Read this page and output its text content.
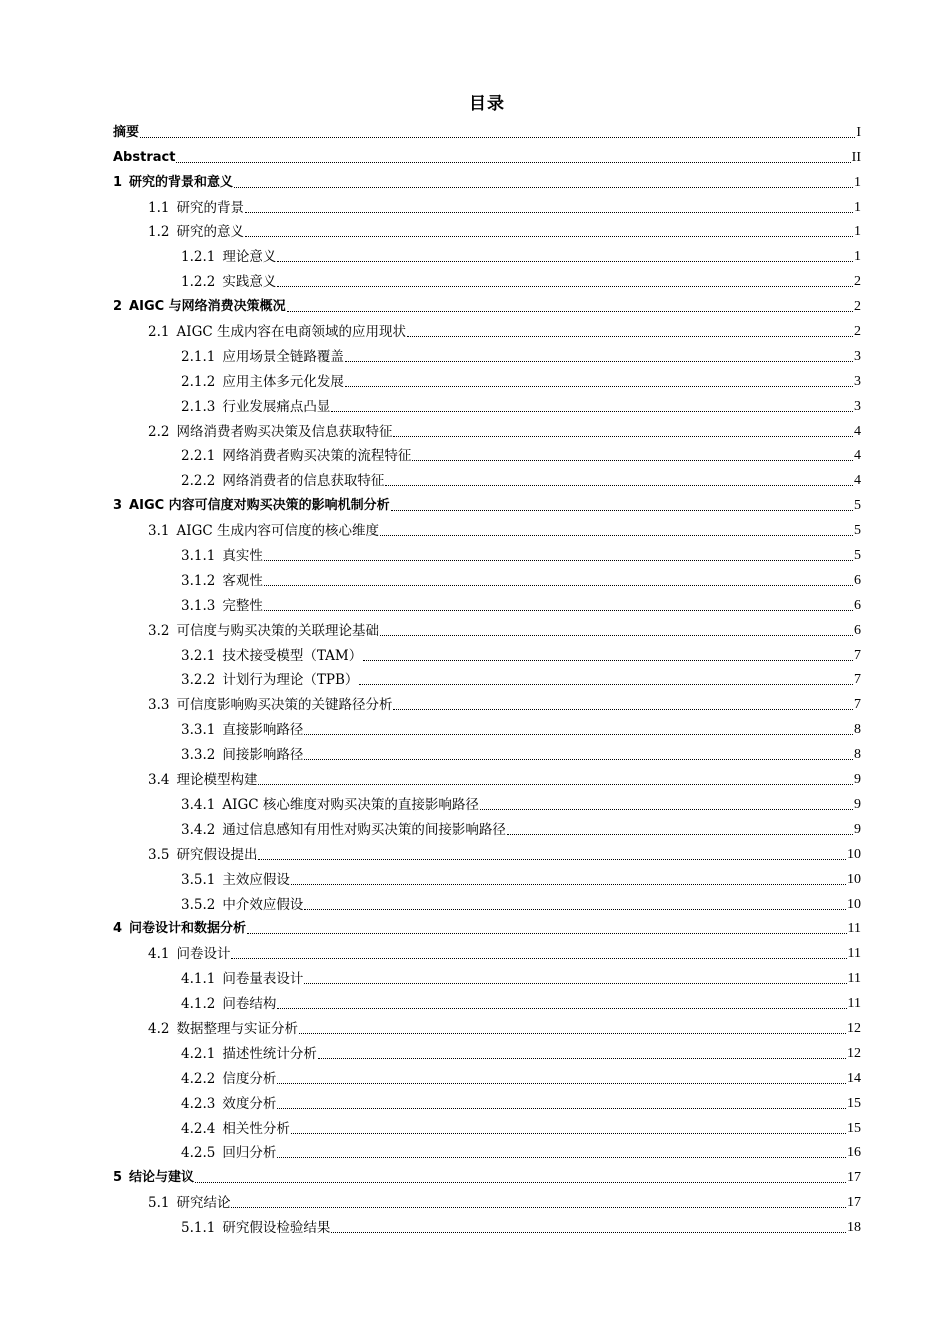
目录
摘要	I
Abstract	II
1 研究的背景和意义	1
1.1 研究的背景	1
1.2 研究的意义	1
1.2.1 理论意义	1
1.2.2 实践意义	2
2 AIGC 与网络消费决策概况	2
2.1 AIGC 生成内容在电商领域的应用现状	2
2.1.1 应用场景全链路覆盖	3
2.1.2 应用主体多元化发展	3
2.1.3 行业发展痛点凸显	3
2.2 网络消费者购买决策及信息获取特征	4
2.2.1 网络消费者购买决策的流程特征	4
2.2.2 网络消费者的信息获取特征	4
3 AIGC 内容可信度对购买决策的影响机制分析	5
3.1 AIGC 生成内容可信度的核心维度	5
3.1.1 真实性	5
3.1.2 客观性	6
3.1.3 完整性	6
3.2 可信度与购买决策的关联理论基础	6
3.2.1 技术接受模型（TAM）	7
3.2.2 计划行为理论（TPB）	7
3.3 可信度影响购买决策的关键路径分析	7
3.3.1 直接影响路径	8
3.3.2 间接影响路径	8
3.4 理论模型构建	9
3.4.1 AIGC 核心维度对购买决策的直接影响路径	9
3.4.2 通过信息感知有用性对购买决策的间接影响路径	9
3.5 研究假设提出	10
3.5.1 主效应假设	10
3.5.2 中介效应假设	10
4 问卷设计和数据分析	11
4.1 问卷设计	11
4.1.1 问卷量表设计	11
4.1.2 问卷结构	11
4.2 数据整理与实证分析	12
4.2.1 描述性统计分析	12
4.2.2 信度分析	14
4.2.3 效度分析	15
4.2.4 相关性分析	15
4.2.5 回归分析	16
5 结论与建议	17
5.1 研究结论	17
5.1.1 研究假设检验结果	18
